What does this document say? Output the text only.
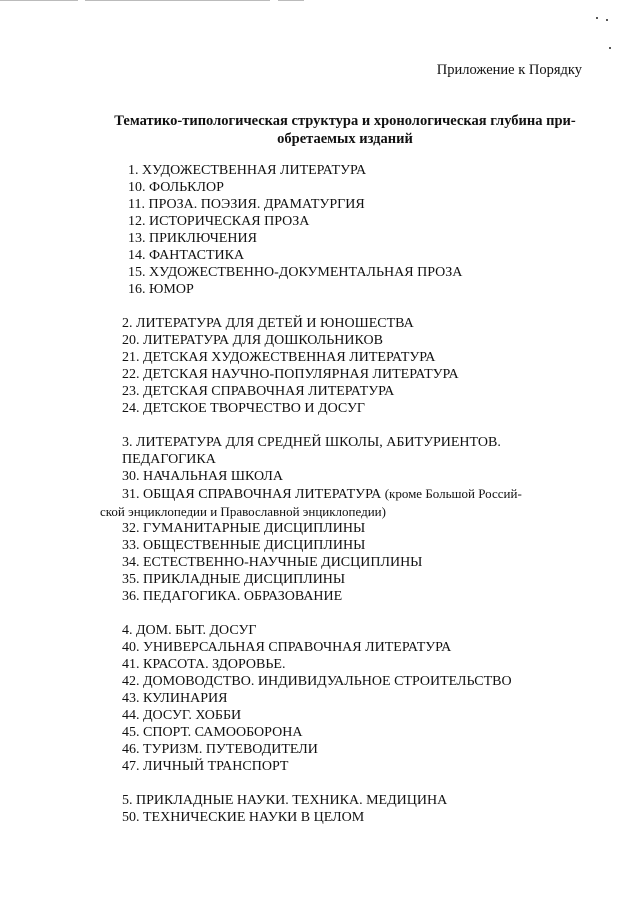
Приложение к Порядку
Тематико-типологическая структура и хронологическая глубина при-
обретаемых изданий
1. ХУДОЖЕСТВЕННАЯ ЛИТЕРАТУРА
10. ФОЛЬКЛОР
11. ПРОЗА. ПОЭЗИЯ. ДРАМАТУРГИЯ
12. ИСТОРИЧЕСКАЯ ПРОЗА
13. ПРИКЛЮЧЕНИЯ
14. ФАНТАСТИКА
15. ХУДОЖЕСТВЕННО-ДОКУМЕНТАЛЬНАЯ ПРОЗА
16. ЮМОР
2. ЛИТЕРАТУРА ДЛЯ ДЕТЕЙ И ЮНОШЕСТВА
20. ЛИТЕРАТУРА ДЛЯ ДОШКОЛЬНИКОВ
21. ДЕТСКАЯ ХУДОЖЕСТВЕННАЯ ЛИТЕРАТУРА
22. ДЕТСКАЯ НАУЧНО-ПОПУЛЯРНАЯ ЛИТЕРАТУРА
23. ДЕТСКАЯ СПРАВОЧНАЯ ЛИТЕРАТУРА
24. ДЕТСКОЕ ТВОРЧЕСТВО И ДОСУГ
3. ЛИТЕРАТУРА ДЛЯ СРЕДНЕЙ ШКОЛЫ, АБИТУРИЕНТОВ.
ПЕДАГОГИКА
30. НАЧАЛЬНАЯ ШКОЛА
31. ОБЩАЯ СПРАВОЧНАЯ ЛИТЕРАТУРА (кроме Большой Россий-
ской энциклопедии и Православной энциклопедии)
32. ГУМАНИТАРНЫЕ ДИСЦИПЛИНЫ
33. ОБЩЕСТВЕННЫЕ ДИСЦИПЛИНЫ
34. ЕСТЕСТВЕННО-НАУЧНЫЕ ДИСЦИПЛИНЫ
35. ПРИКЛАДНЫЕ ДИСЦИПЛИНЫ
36. ПЕДАГОГИКА. ОБРАЗОВАНИЕ
4. ДОМ. БЫТ. ДОСУГ
40. УНИВЕРСАЛЬНАЯ СПРАВОЧНАЯ ЛИТЕРАТУРА
41. КРАСОТА. ЗДОРОВЬЕ.
42. ДОМОВОДСТВО. ИНДИВИДУАЛЬНОЕ СТРОИТЕЛЬСТВО
43. КУЛИНАРИЯ
44. ДОСУГ. ХОББИ
45. СПОРТ. САМООБОРОНА
46. ТУРИЗМ. ПУТЕВОДИТЕЛИ
47. ЛИЧНЫЙ ТРАНСПОРТ
5. ПРИКЛАДНЫЕ НАУКИ. ТЕХНИКА. МЕДИЦИНА
50. ТЕХНИЧЕСКИЕ НАУКИ В ЦЕЛОМ
